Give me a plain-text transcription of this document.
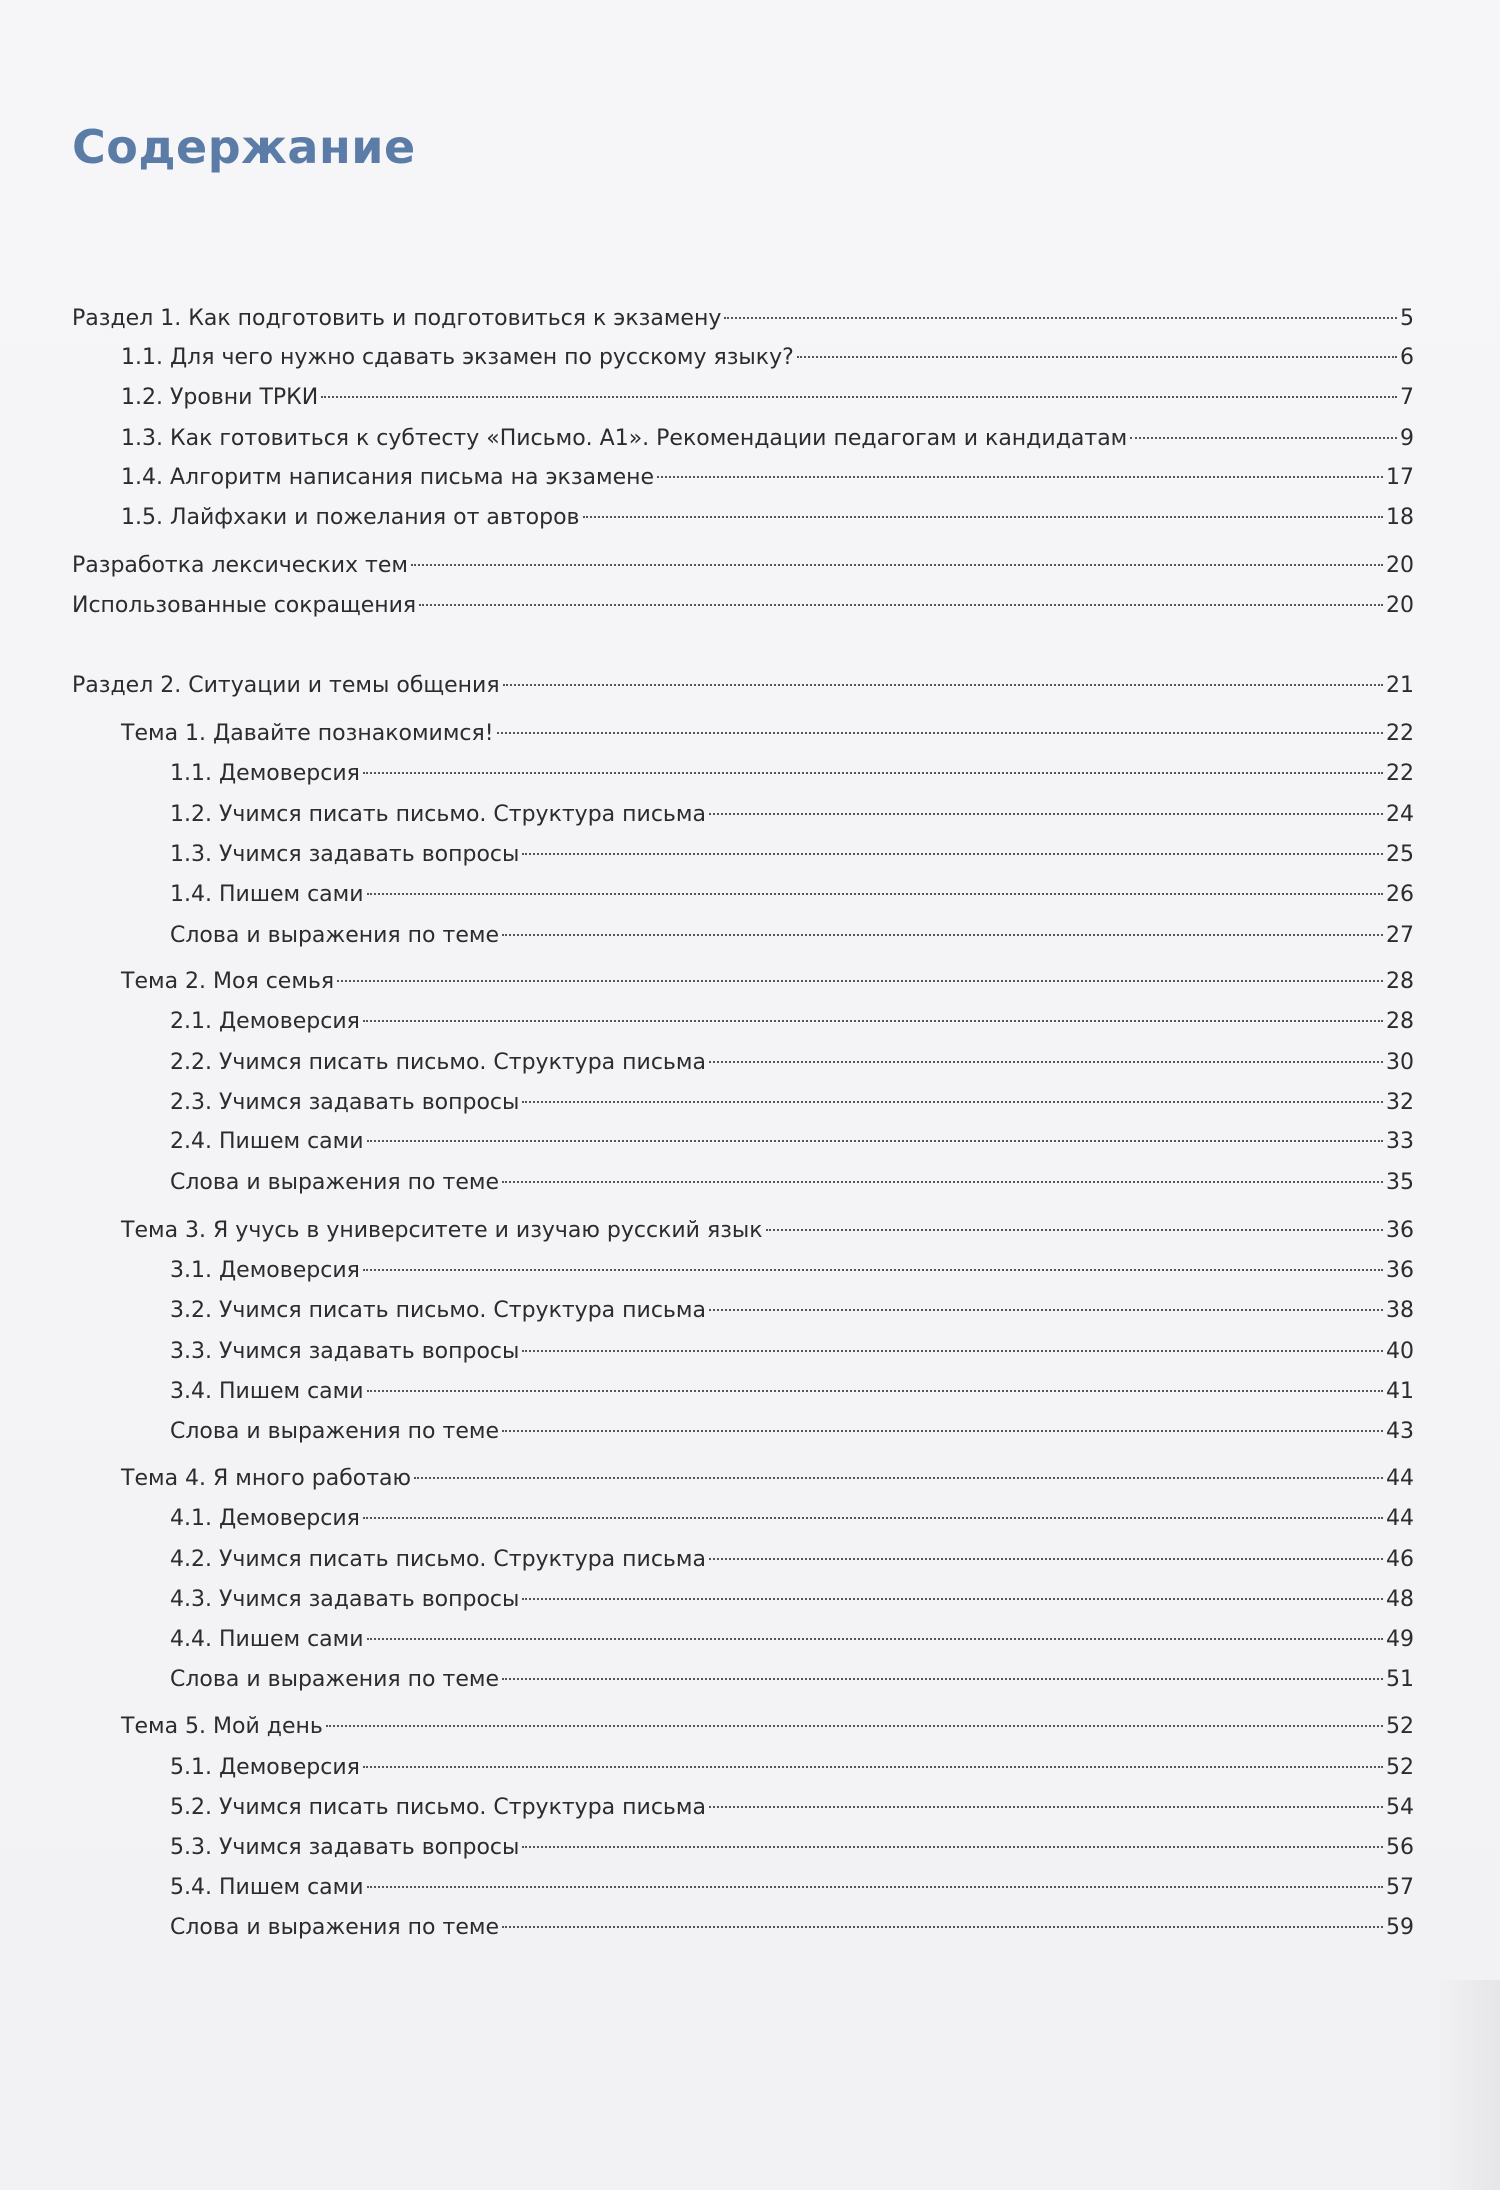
Содержание
Раздел 1. Как подготовить и подготовиться к экзамену	5
1.1. Для чего нужно сдавать экзамен по русскому языку?	6
1.2. Уровни ТРКИ	7
1.3. Как готовиться к субтесту «Письмо. А1». Рекомендации педагогам и кандидатам	9
1.4. Алгоритм написания письма на экзамене	17
1.5. Лайфхаки и пожелания от авторов	18
Разработка лексических тем	20
Использованные сокращения	20
Раздел 2. Ситуации и темы общения	21
Тема 1. Давайте познакомимся!	22
1.1. Демоверсия	22
1.2. Учимся писать письмо. Структура письма	24
1.3. Учимся задавать вопросы	25
1.4. Пишем сами	26
Слова и выражения по теме	27
Тема 2. Моя семья	28
2.1. Демоверсия	28
2.2. Учимся писать письмо. Структура письма	30
2.3. Учимся задавать вопросы	32
2.4. Пишем сами	33
Слова и выражения по теме	35
Тема 3. Я учусь в университете и изучаю русский язык	36
3.1. Демоверсия	36
3.2. Учимся писать письмо. Структура письма	38
3.3. Учимся задавать вопросы	40
3.4. Пишем сами	41
Слова и выражения по теме	43
Тема 4. Я много работаю	44
4.1. Демоверсия	44
4.2. Учимся писать письмо. Структура письма	46
4.3. Учимся задавать вопросы	48
4.4. Пишем сами	49
Слова и выражения по теме	51
Тема 5. Мой день	52
5.1. Демоверсия	52
5.2. Учимся писать письмо. Структура письма	54
5.3. Учимся задавать вопросы	56
5.4. Пишем сами	57
Слова и выражения по теме	59
